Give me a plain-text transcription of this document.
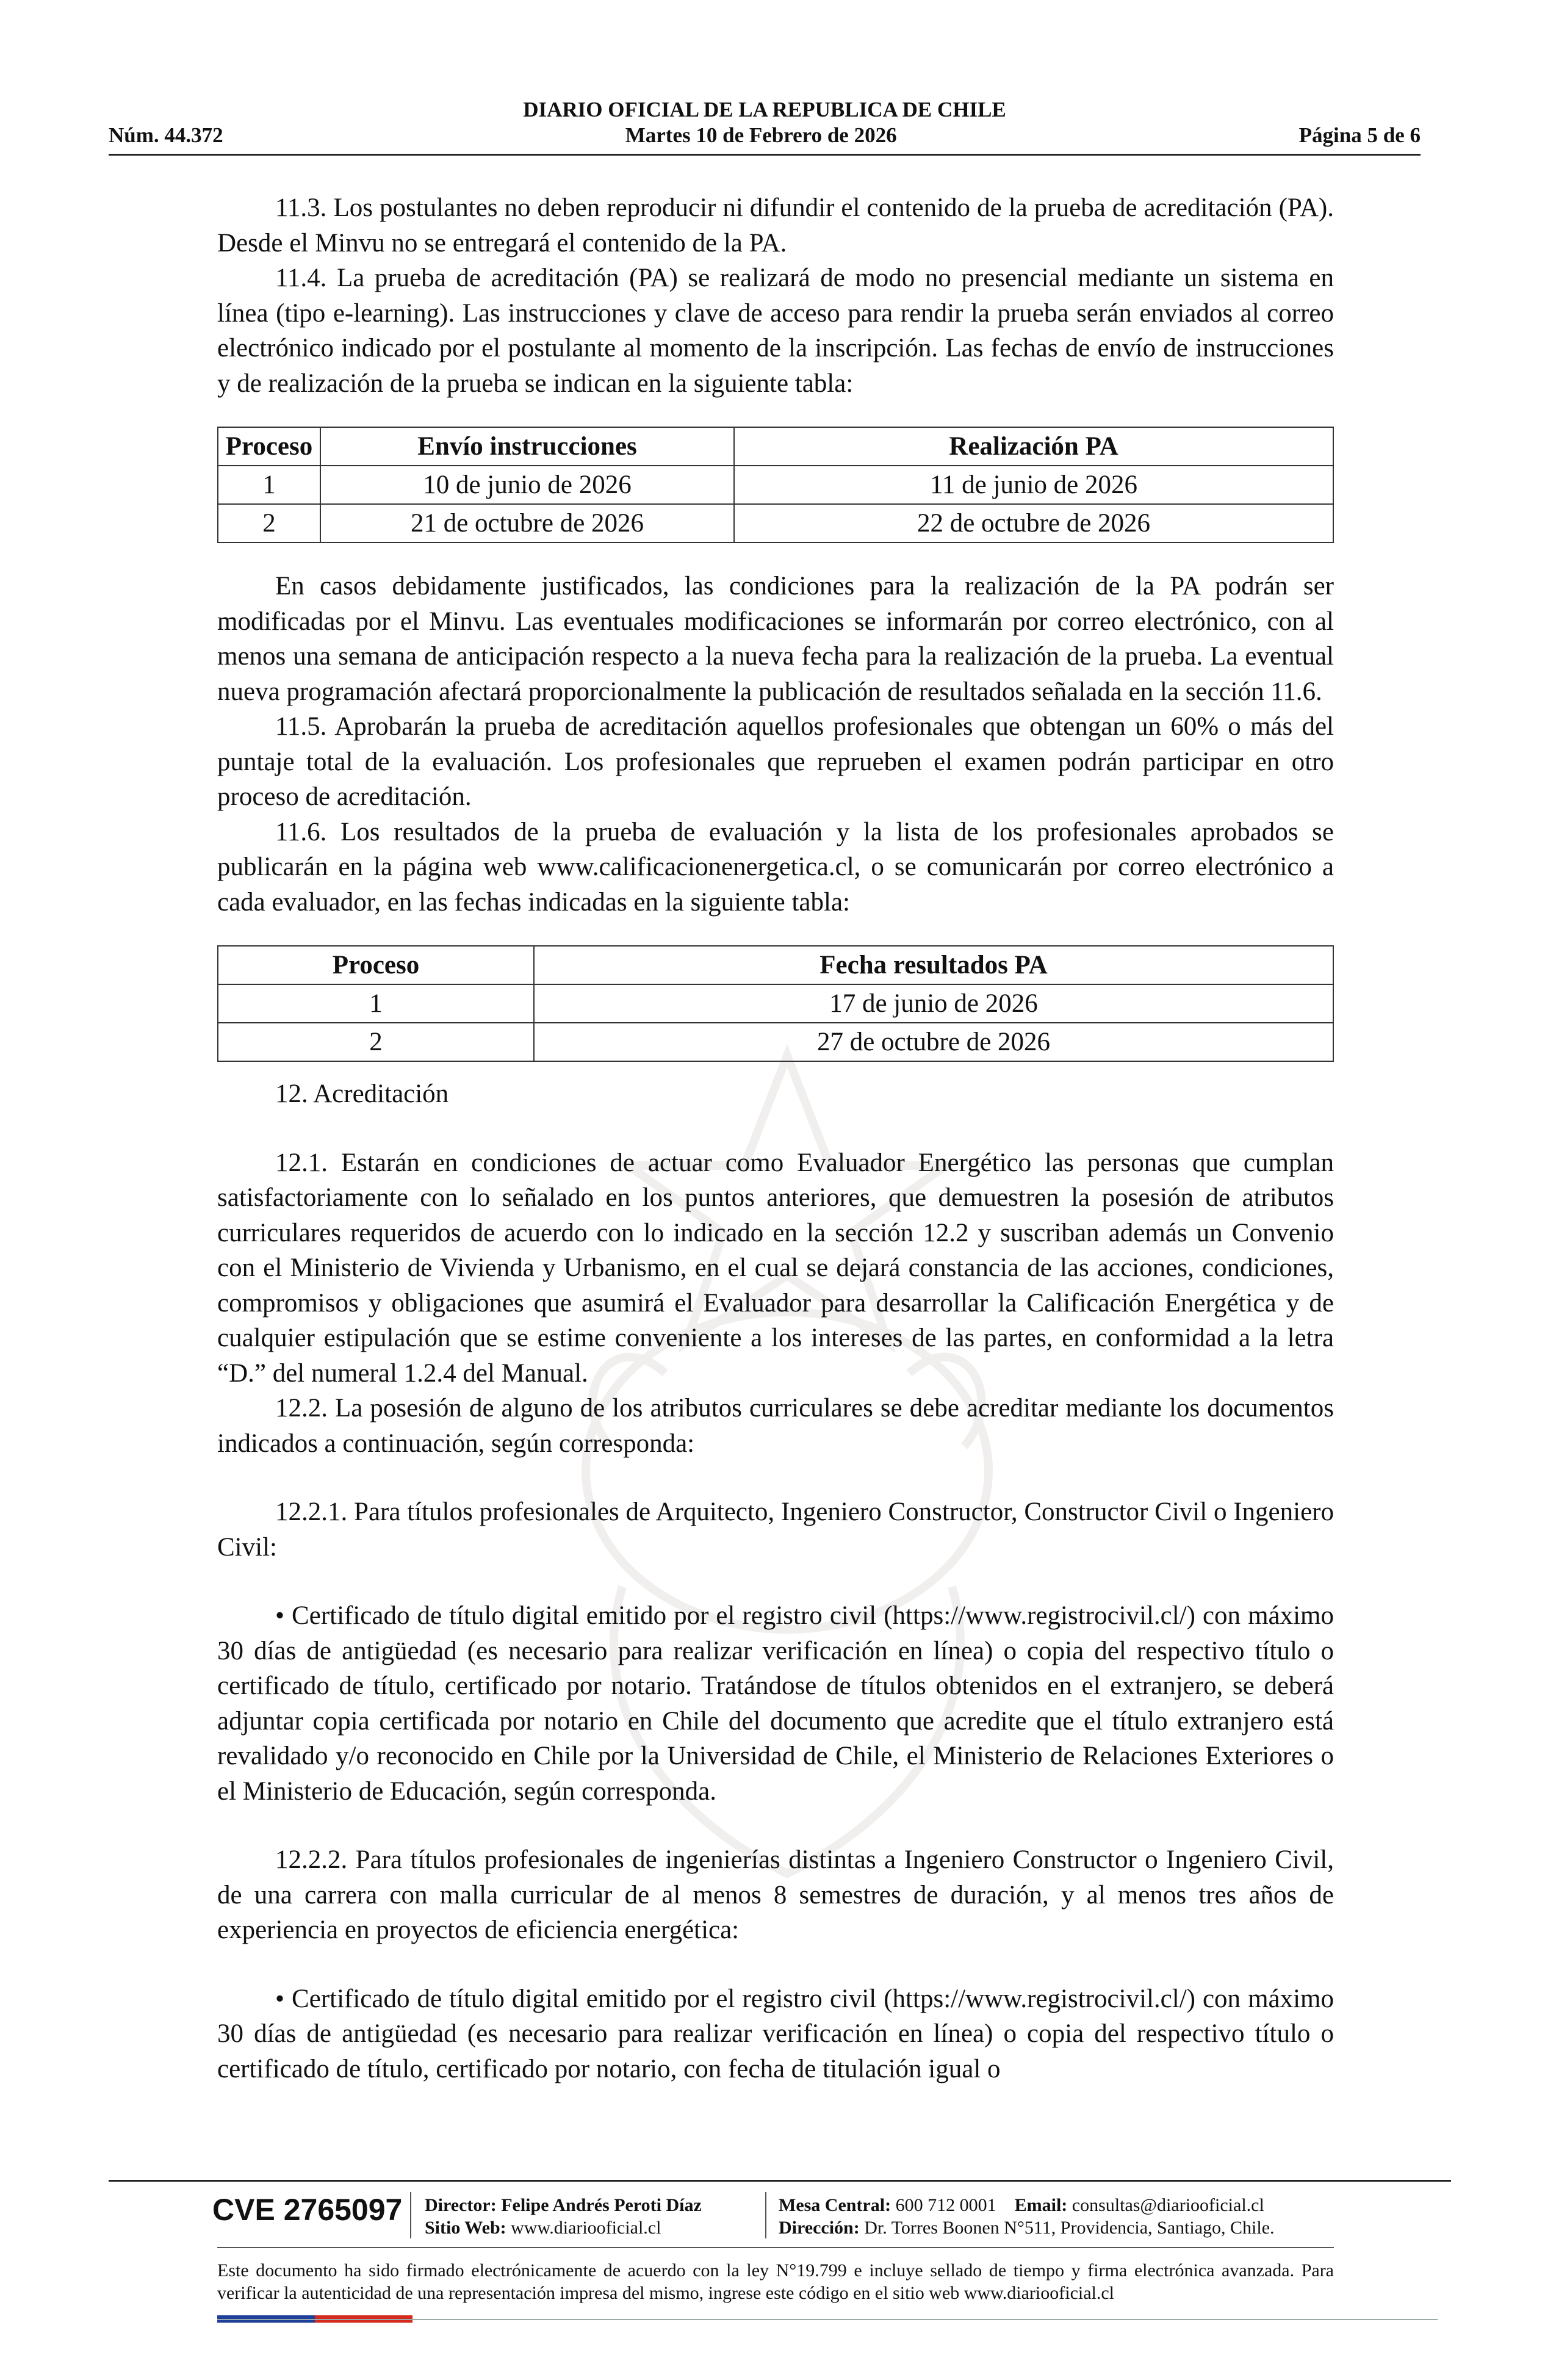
DIARIO OFICIAL DE LA REPUBLICA DE CHILE
Núm. 44.372	Martes 10 de Febrero de 2026	Página 5 de 6

11.3. Los postulantes no deben reproducir ni difundir el contenido de la prueba de acreditación (PA). Desde el Minvu no se entregará el contenido de la PA.

11.4. La prueba de acreditación (PA) se realizará de modo no presencial mediante un sistema en línea (tipo e-learning). Las instrucciones y clave de acceso para rendir la prueba serán enviados al correo electrónico indicado por el postulante al momento de la inscripción. Las fechas de envío de instrucciones y de realización de la prueba se indican en la siguiente tabla:

Proceso	Envío instrucciones	Realización PA
1	10 de junio de 2026	11 de junio de 2026
2	21 de octubre de 2026	22 de octubre de 2026

En casos debidamente justificados, las condiciones para la realización de la PA podrán ser modificadas por el Minvu. Las eventuales modificaciones se informarán por correo electrónico, con al menos una semana de anticipación respecto a la nueva fecha para la realización de la prueba. La eventual nueva programación afectará proporcionalmente la publicación de resultados señalada en la sección 11.6.

11.5. Aprobarán la prueba de acreditación aquellos profesionales que obtengan un 60% o más del puntaje total de la evaluación. Los profesionales que reprueben el examen podrán participar en otro proceso de acreditación.

11.6. Los resultados de la prueba de evaluación y la lista de los profesionales aprobados se publicarán en la página web www.calificacionenergetica.cl, o se comunicarán por correo electrónico a cada evaluador, en las fechas indicadas en la siguiente tabla:

Proceso	Fecha resultados PA
1	17 de junio de 2026
2	27 de octubre de 2026

12. Acreditación

12.1. Estarán en condiciones de actuar como Evaluador Energético las personas que cumplan satisfactoriamente con lo señalado en los puntos anteriores, que demuestren la posesión de atributos curriculares requeridos de acuerdo con lo indicado en la sección 12.2 y suscriban además un Convenio con el Ministerio de Vivienda y Urbanismo, en el cual se dejará constancia de las acciones, condiciones, compromisos y obligaciones que asumirá el Evaluador para desarrollar la Calificación Energética y de cualquier estipulación que se estime conveniente a los intereses de las partes, en conformidad a la letra “D.” del numeral 1.2.4 del Manual.

12.2. La posesión de alguno de los atributos curriculares se debe acreditar mediante los documentos indicados a continuación, según corresponda:

12.2.1. Para títulos profesionales de Arquitecto, Ingeniero Constructor, Constructor Civil o Ingeniero Civil:

• Certificado de título digital emitido por el registro civil (https://www.registrocivil.cl/) con máximo 30 días de antigüedad (es necesario para realizar verificación en línea) o copia del respectivo título o certificado de título, certificado por notario. Tratándose de títulos obtenidos en el extranjero, se deberá adjuntar copia certificada por notario en Chile del documento que acredite que el título extranjero está revalidado y/o reconocido en Chile por la Universidad de Chile, el Ministerio de Relaciones Exteriores o el Ministerio de Educación, según corresponda.

12.2.2. Para títulos profesionales de ingenierías distintas a Ingeniero Constructor o Ingeniero Civil, de una carrera con malla curricular de al menos 8 semestres de duración, y al menos tres años de experiencia en proyectos de eficiencia energética:

• Certificado de título digital emitido por el registro civil (https://www.registrocivil.cl/) con máximo 30 días de antigüedad (es necesario para realizar verificación en línea) o copia del respectivo título o certificado de título, certificado por notario, con fecha de titulación igual o

CVE 2765097 Director: Felipe Andrés Peroti Díaz
Sitio Web: www.diariooficial.cl
Mesa Central: 600 712 0001 Email: consultas@diariooficial.cl
Dirección: Dr. Torres Boonen N°511, Providencia, Santiago, Chile.
Este documento ha sido firmado electrónicamente de acuerdo con la ley N°19.799 e incluye sellado de tiempo y firma electrónica avanzada. Para verificar la autenticidad de una representación impresa del mismo, ingrese este código en el sitio web www.diariooficial.cl
